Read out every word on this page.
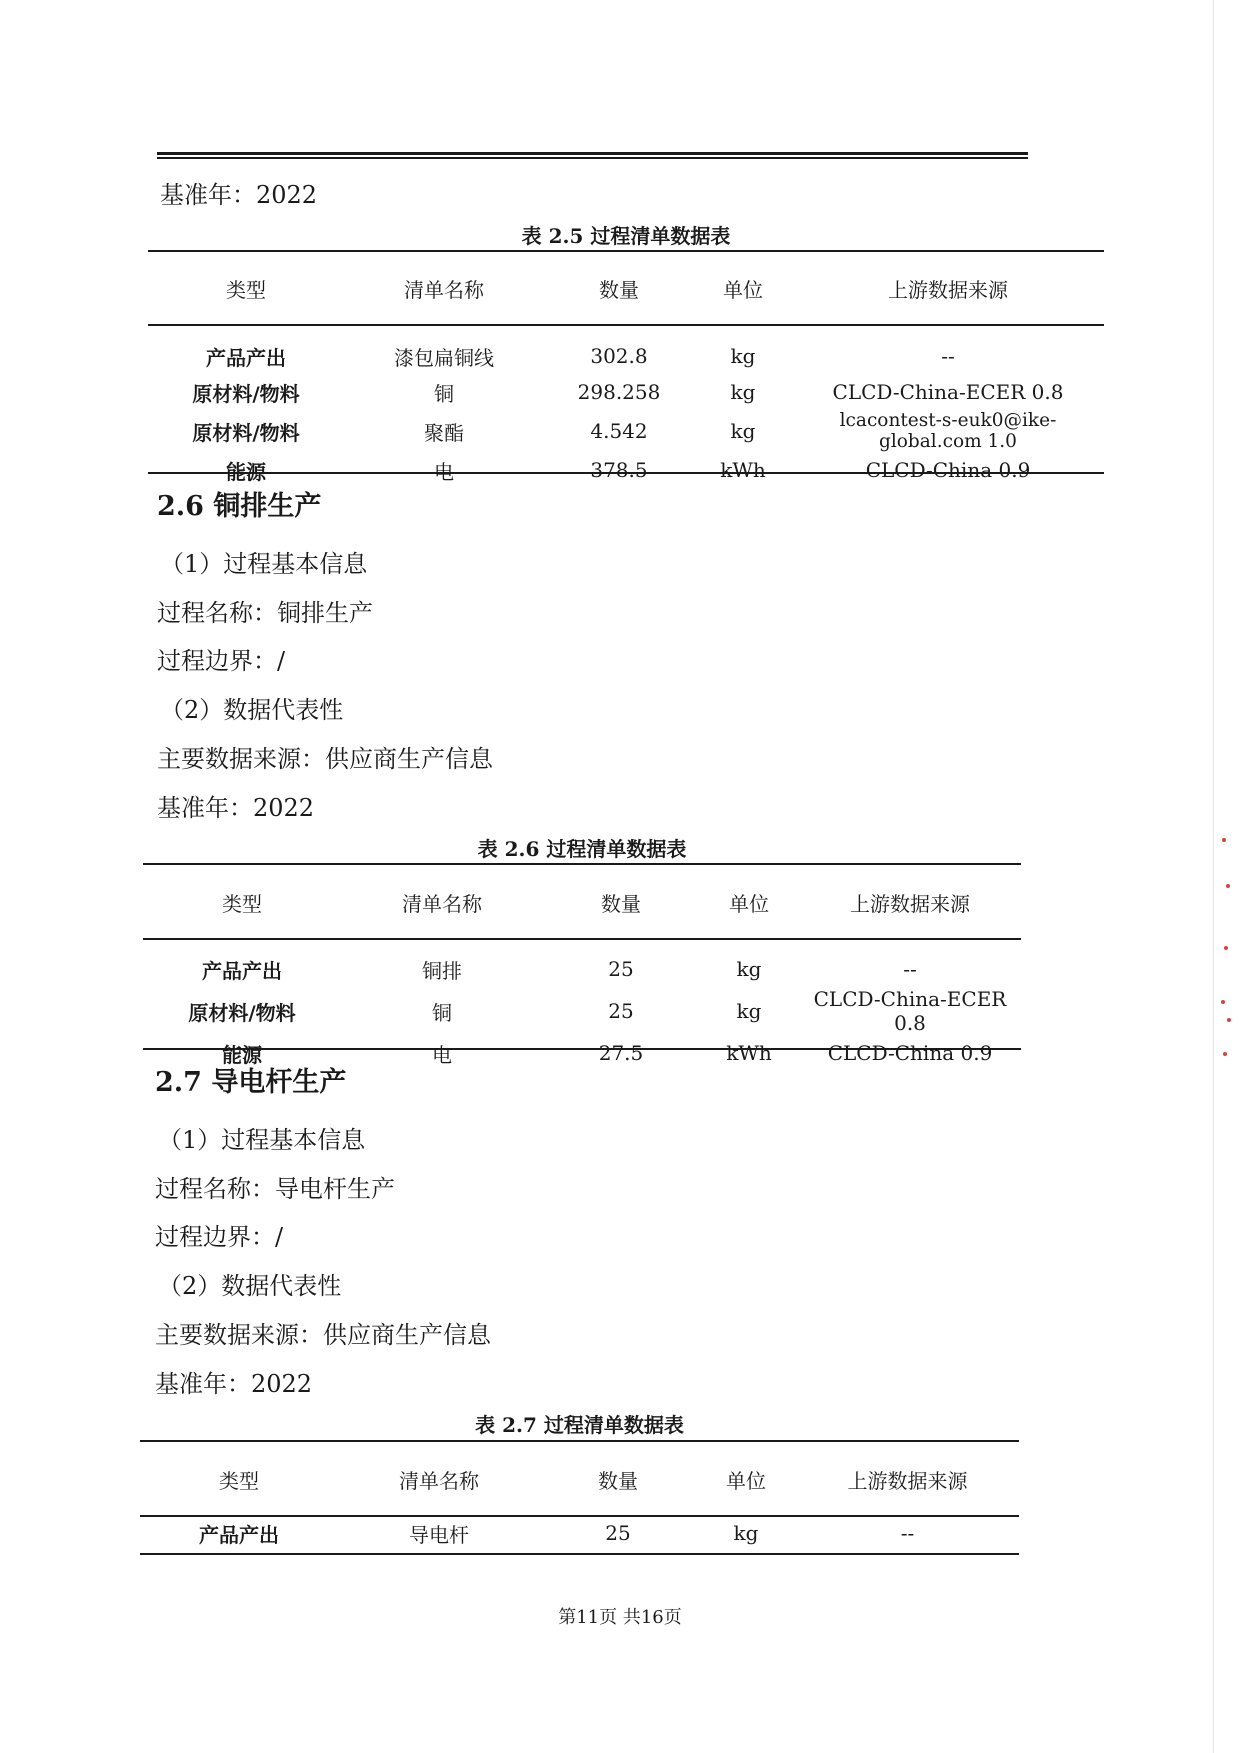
基准年：2022
表 2.5 过程清单数据表
类型	清单名称	数量	单位	上游数据来源

产品产出	漆包扁铜线	302.8	kg	--
原材料/物料	铜	298.258	kg	CLCD-China-ECER 0.8
原材料/物料	聚酯	4.542	kg	lcacontest-s-euk0@ike-global.com 1.0
能源	电	378.5	kWh	CLCD-China 0.9
2.6 铜排生产
（1）过程基本信息
过程名称：铜排生产
过程边界：/
（2）数据代表性
主要数据来源：供应商生产信息
基准年：2022
表 2.6 过程清单数据表
类型	清单名称	数量	单位	上游数据来源

产品产出	铜排	25	kg	--
原材料/物料	铜	25	kg	CLCD-China-ECER 0.8
能源	电	27.5	kWh	CLCD-China 0.9
2.7 导电杆生产
（1）过程基本信息
过程名称：导电杆生产
过程边界：/
（2）数据代表性
主要数据来源：供应商生产信息
基准年：2022
表 2.7 过程清单数据表
类型	清单名称	数量	单位	上游数据来源

产品产出	导电杆	25	kg	--
第11页 共16页
